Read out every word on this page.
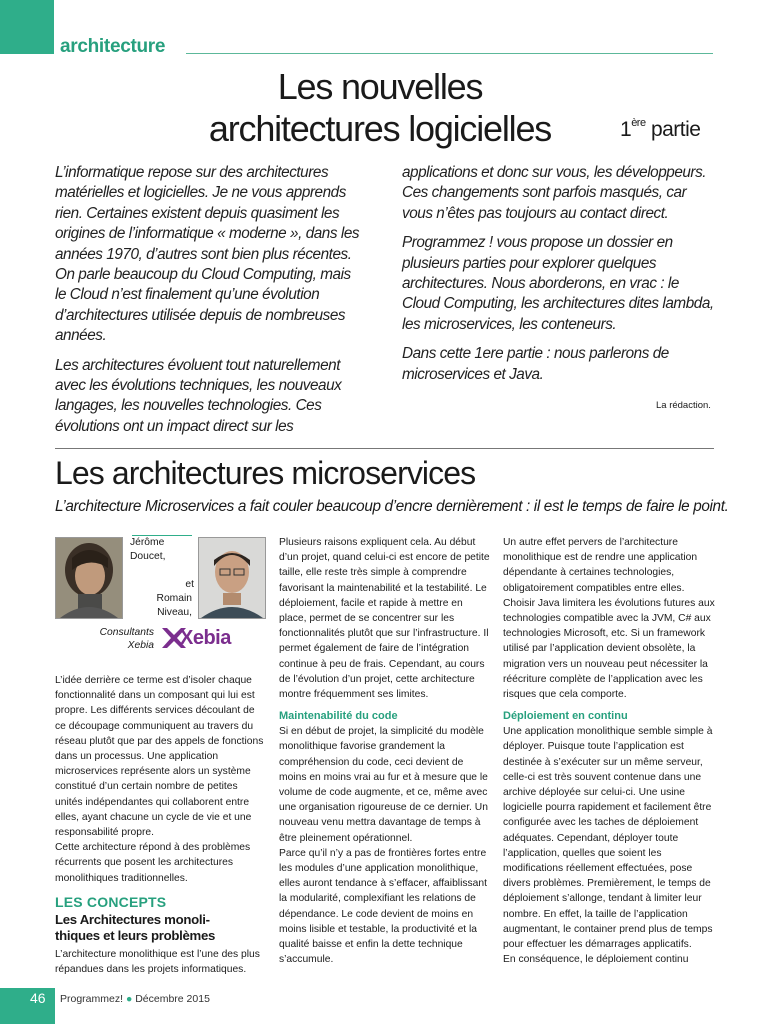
architecture
Les nouvelles
architectures logicielles	1ère partie

L’informatique repose sur des architectures matérielles et logicielles. Je ne vous apprends rien. Certaines existent depuis quasiment les origines de l’informatique « moderne », dans les années 1970, d’autres sont bien plus récentes. On parle beaucoup du Cloud Computing, mais le Cloud n’est finalement qu’une évolution d’architectures utilisée depuis de nombreuses années.

Les architectures évoluent tout naturellement avec les évolutions techniques, les nouveaux langages, les nouvelles technologies. Ces évolutions ont un impact direct sur les

applications et donc sur vous, les développeurs. Ces changements sont parfois masqués, car vous n’êtes pas toujours au contact direct.

Programmez ! vous propose un dossier en plusieurs parties pour explorer quelques architectures. Nous aborderons, en vrac : le Cloud Computing, les architectures dites lambda, les microservices, les conteneurs.

Dans cette 1ere partie : nous parlerons de microservices et Java.

La rédaction.
Les architectures microservices
L’architecture Microservices a fait couler beaucoup d’encre dernièrement : il est le temps de faire le point.
Jérôme Doucet,
et
Romain Niveau,
Consultants Xebia Xebia

L’idée derrière ce terme est d’isoler chaque fonctionnalité dans un composant qui lui est propre. Les différents services découlant de ce découpage communiquent au travers du réseau plutôt que par des appels de fonctions dans un processus. Une application microservices représente alors un système constitué d’un certain nombre de petites unités indépendantes qui collaborent entre elles, ayant chacune un cycle de vie et une responsabilité propre.

Cette architecture répond à des problèmes récurrents que posent les architectures monolithiques traditionnelles.

LES CONCEPTS
Les Architectures monoli- thiques et leurs problèmes

L’architecture monolithique est l’une des plus répandues dans les projets informatiques.

Plusieurs raisons expliquent cela. Au début d’un projet, quand celui-ci est encore de petite taille, elle reste très simple à comprendre favorisant la maintenabilité et la testabilité. Le déploiement, facile et rapide à mettre en place, permet de se concentrer sur les fonctionnalités plutôt que sur l’infrastructure. Il permet également de faire de l’intégration continue à peu de frais. Cependant, au cours de l’évolution d’un projet, cette architecture montre fréquemment ses limites.

Maintenabilité du code

Si en début de projet, la simplicité du modèle monolithique favorise grandement la compréhension du code, ceci devient de moins en moins vrai au fur et à mesure que le volume de code augmente, et ce, même avec une organisation rigoureuse de ce dernier. Un nouveau venu mettra davantage de temps à être pleinement opérationnel.

Parce qu’il n’y a pas de frontières fortes entre les modules d’une application monolithique, elles auront tendance à s’effacer, affaiblissant la modularité, complexifiant les relations de dépendance. Le code devient de moins en moins lisible et testable, la productivité et la qualité baisse et enfin la dette technique s’accumule.

Un autre effet pervers de l’architecture monolithique est de rendre une application dépendante à certaines technologies, obligatoirement compatibles entre elles. Choisir Java limitera les évolutions futures aux technologies compatible avec la JVM, C# aux technologies Microsoft, etc. Si un framework utilisé par l’application devient obsolète, la migration vers un nouveau peut nécessiter la réécriture complète de l’application avec les risques que cela comporte.

Déploiement en continu

Une application monolithique semble simple à déployer. Puisque toute l’application est destinée à s’exécuter sur un même serveur, celle-ci est très souvent contenue dans une archive déployée sur celui-ci. Une usine logicielle pourra rapidement et facilement être configurée avec les taches de déploiement adéquates. Cependant, déployer toute l’application, quelles que soient les modifications réellement effectuées, pose divers problèmes. Premièrement, le temps de déploiement s’allonge, tendant à limiter leur nombre. En effet, la taille de l’application augmentant, le container prend plus de temps pour effectuer les démarrages applicatifs.

En conséquence, le déploiement continu

46 Programmez! ● Décembre 2015
